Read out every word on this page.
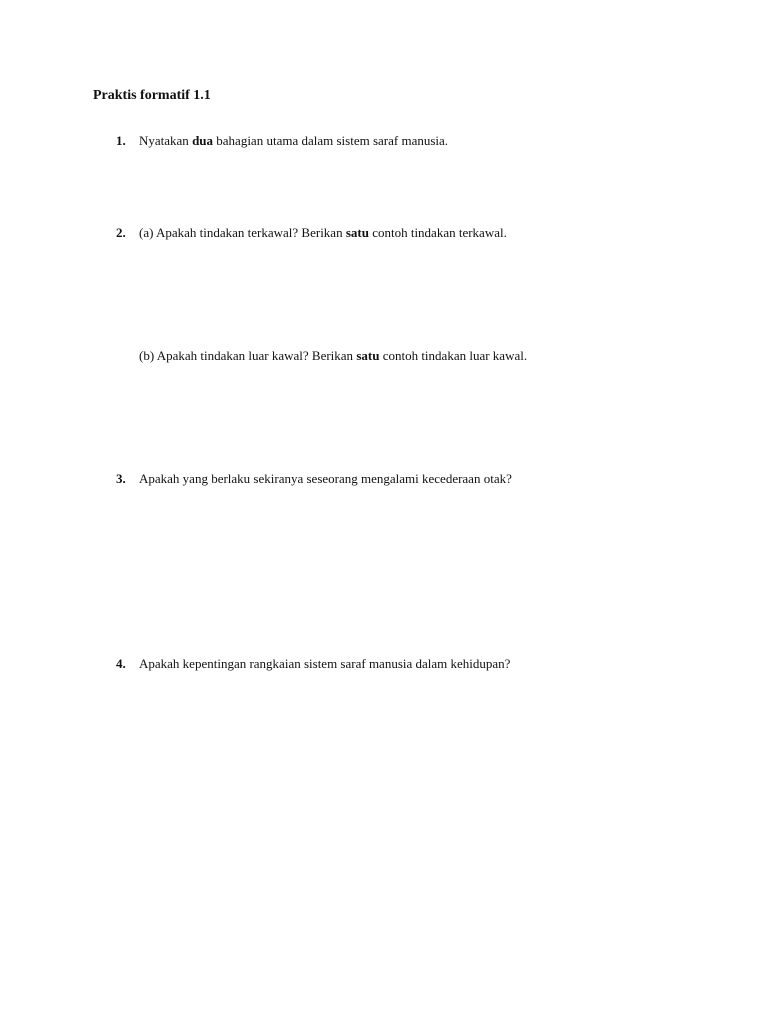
Praktis formatif 1.1
1. Nyatakan dua bahagian utama dalam sistem saraf manusia.
2. (a) Apakah tindakan terkawal? Berikan satu contoh tindakan terkawal.
(b) Apakah tindakan luar kawal? Berikan satu contoh tindakan luar kawal.
3. Apakah yang berlaku sekiranya seseorang mengalami kecederaan otak?
4. Apakah kepentingan rangkaian sistem saraf manusia dalam kehidupan?
